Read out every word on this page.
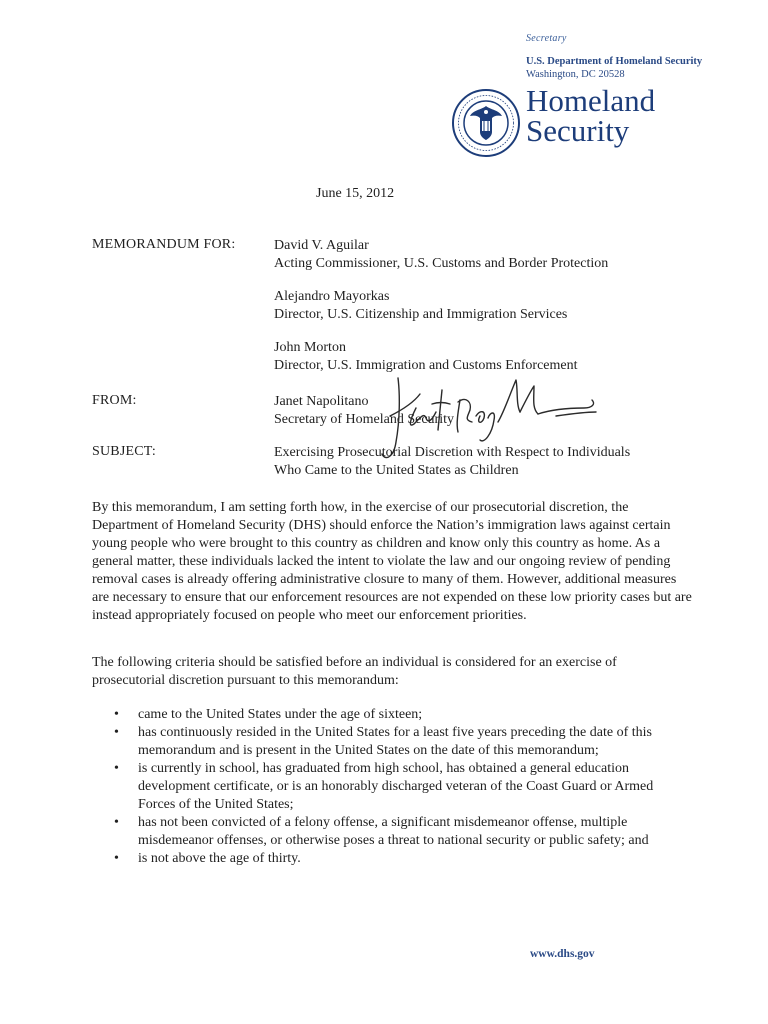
Secretary
U.S. Department of Homeland Security
Washington, DC 20528
Homeland
Security
June 15, 2012
MEMORANDUM FOR:	David V. Aguilar
Acting Commissioner, U.S. Customs and Border Protection
Alejandro Mayorkas
Director, U.S. Citizenship and Immigration Services
John Morton
Director, U.S. Immigration and Customs Enforcement
FROM:	Janet Napolitano
Secretary of Homeland Security
SUBJECT:	Exercising Prosecutorial Discretion with Respect to Individuals
Who Came to the United States as Children

By this memorandum, I am setting forth how, in the exercise of our prosecutorial discretion, the Department of Homeland Security (DHS) should enforce the Nation’s immigration laws against certain young people who were brought to this country as children and know only this country as home. As a general matter, these individuals lacked the intent to violate the law and our ongoing review of pending removal cases is already offering administrative closure to many of them. However, additional measures are necessary to ensure that our enforcement resources are not expended on these low priority cases but are instead appropriately focused on people who meet our enforcement priorities.

The following criteria should be satisfied before an individual is considered for an exercise of prosecutorial discretion pursuant to this memorandum:

• came to the United States under the age of sixteen;
• has continuously resided in the United States for a least five years preceding the date of this memorandum and is present in the United States on the date of this memorandum;
• is currently in school, has graduated from high school, has obtained a general education development certificate, or is an honorably discharged veteran of the Coast Guard or Armed Forces of the United States;
• has not been convicted of a felony offense, a significant misdemeanor offense, multiple misdemeanor offenses, or otherwise poses a threat to national security or public safety; and
• is not above the age of thirty.
www.dhs.gov
